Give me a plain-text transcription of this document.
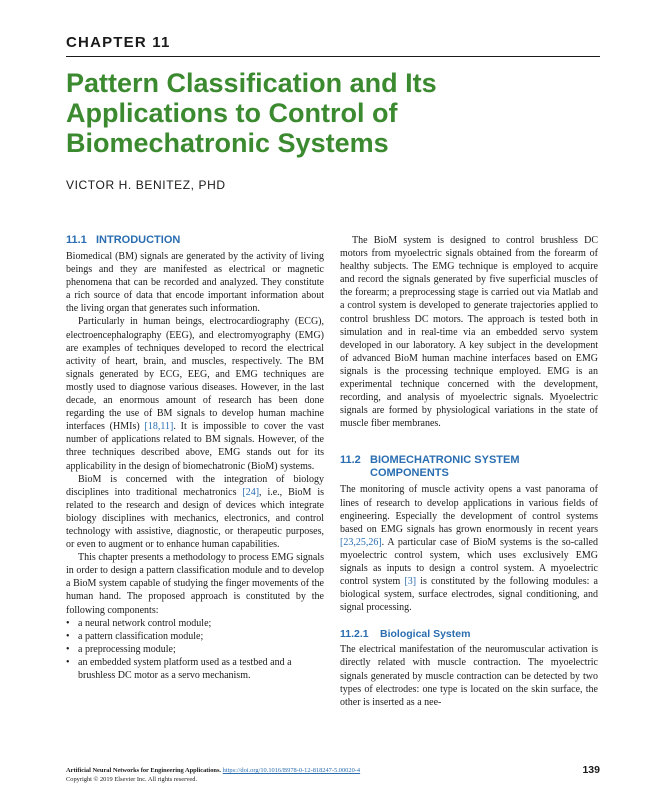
CHAPTER 11
Pattern Classification and Its Applications to Control of Biomechatronic Systems
VICTOR H. BENITEZ, PHD
11.1 INTRODUCTION

Biomedical (BM) signals are generated by the activity of living beings and they are manifested as electrical or magnetic phenomena that can be recorded and analyzed. They constitute a rich source of data that encode important information about the living organ that generates such information.

Particularly in human beings, electrocardiography (ECG), electroencephalography (EEG), and electromyography (EMG) are examples of techniques developed to record the electrical activity of heart, brain, and muscles, respectively. The BM signals generated by ECG, EEG, and EMG techniques are mostly used to diagnose various diseases. However, in the last decade, an enormous amount of research has been done regarding the use of BM signals to develop human machine interfaces (HMIs) [18,11]. It is impossible to cover the vast number of applications related to BM signals. However, of the three techniques described above, EMG stands out for its applicability in the design of biomechatronic (BioM) systems.

BioM is concerned with the integration of biology disciplines into traditional mechatronics [24], i.e., BioM is related to the research and design of devices which integrate biology disciplines with mechanics, electronics, and control technology with assistive, diagnostic, or therapeutic purposes, or even to augment or to enhance human capabilities.

This chapter presents a methodology to process EMG signals in order to design a pattern classification module and to develop a BioM system capable of studying the finger movements of the human hand. The proposed approach is constituted by the following components:

• a neural network control module;
• a pattern classification module;
• a preprocessing module;
• an embedded system platform used as a testbed and a brushless DC motor as a servo mechanism.

The BioM system is designed to control brushless DC motors from myoelectric signals obtained from the forearm of healthy subjects. The EMG technique is employed to acquire and record the signals generated by five superficial muscles of the forearm; a preprocessing stage is carried out via Matlab and a control system is developed to generate trajectories applied to control brushless DC motors. The approach is tested both in simulation and in real-time via an embedded servo system developed in our laboratory. A key subject in the development of advanced BioM human machine interfaces based on EMG signals is the processing technique employed. EMG is an experimental technique concerned with the development, recording, and analysis of myoelectric signals. Myoelectric signals are formed by physiological variations in the state of muscle fiber membranes.

11.2 BIOMECHATRONIC SYSTEM
COMPONENTS

The monitoring of muscle activity opens a vast panorama of lines of research to develop applications in various fields of engineering. Especially the development of control systems based on EMG signals has grown enormously in recent years [23,25,26]. A particular case of BioM systems is the so-called myoelectric control system, which uses exclusively EMG signals as inputs to design a control system. A myoelectric control system [3] is constituted by the following modules: a biological system, surface electrodes, signal conditioning, and signal processing.

11.2.1 Biological System

The electrical manifestation of the neuromuscular activation is directly related with muscle contraction. The myoelectric signals generated by muscle contraction can be detected by two types of electrodes: one type is located on the skin surface, the other is inserted as a nee-

Artificial Neural Networks for Engineering Applications. https://doi.org/10.1016/B978-0-12-818247-5.00020-4
Copyright © 2019 Elsevier Inc. All rights reserved.
139
